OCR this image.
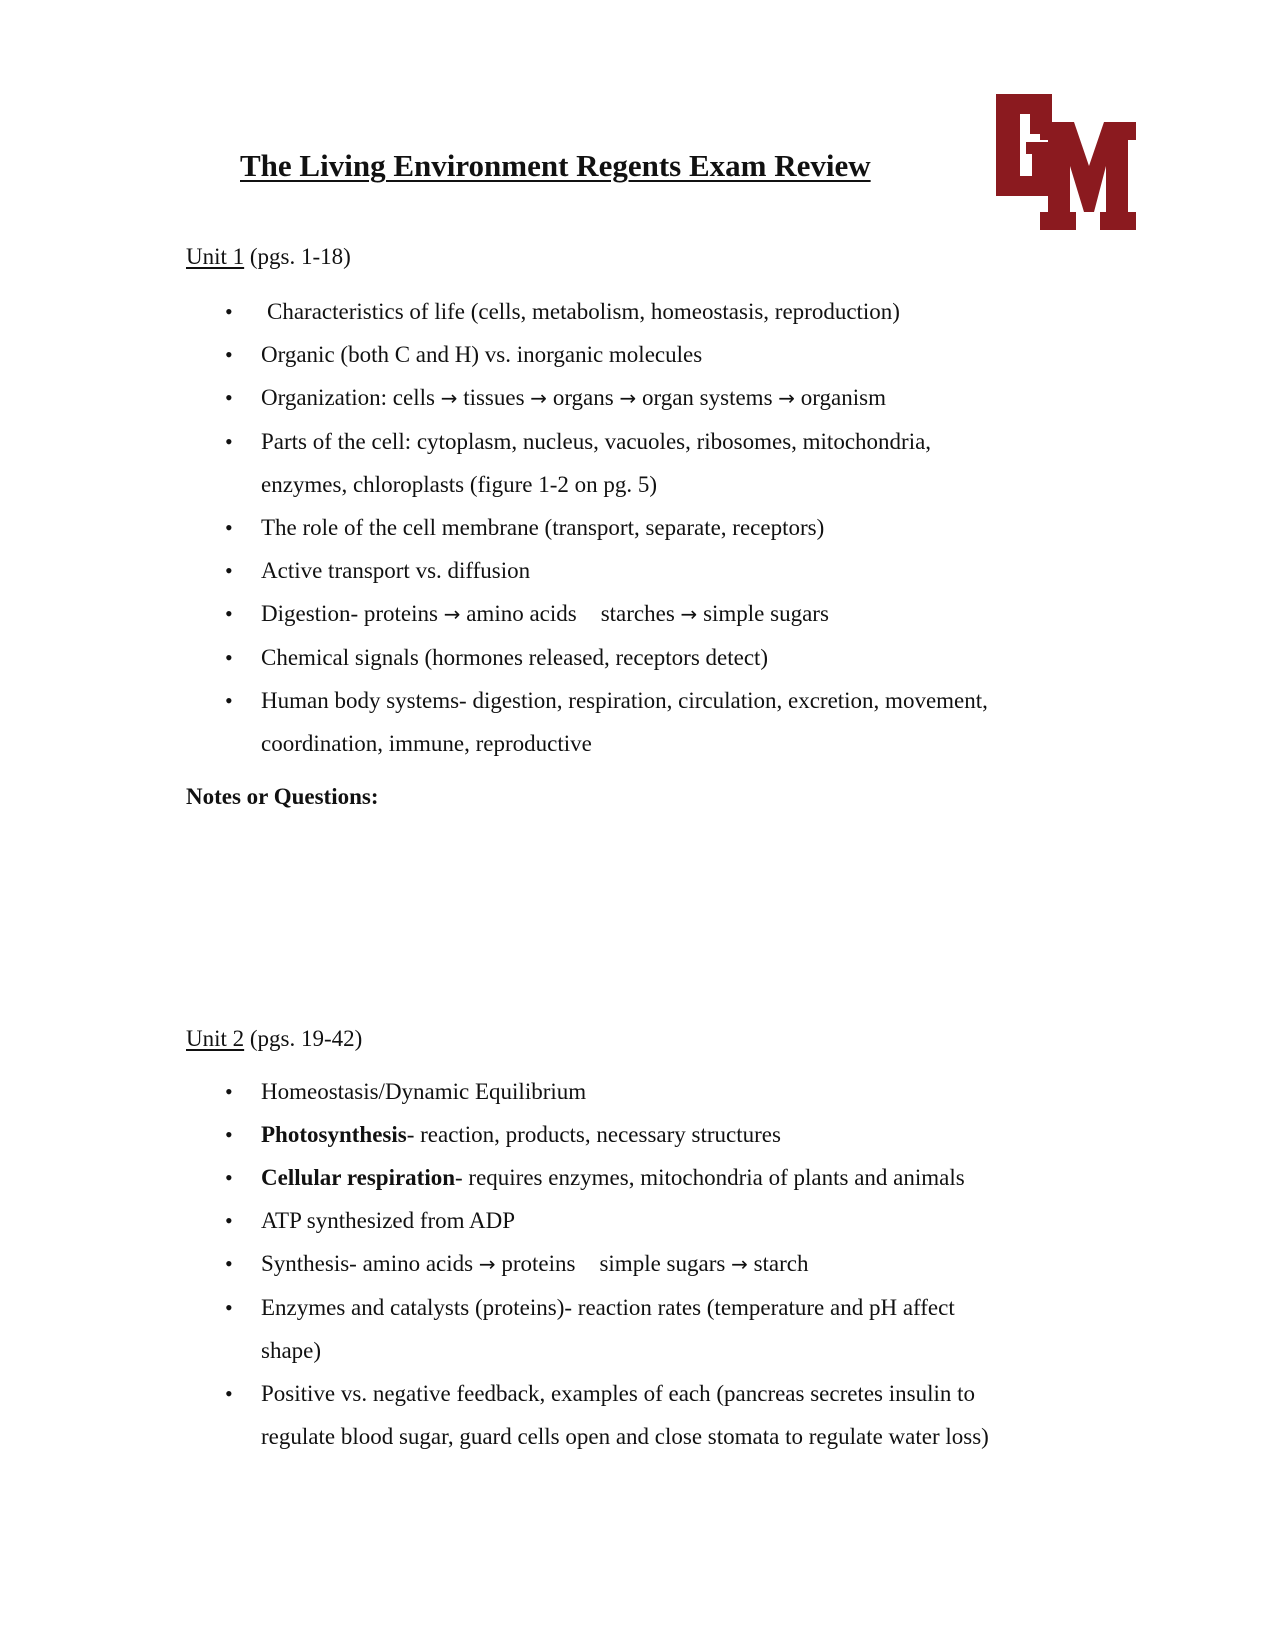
The Living Environment Regents Exam Review

Unit 1 (pgs. 1-18)

• Characteristics of life (cells, metabolism, homeostasis, reproduction)
• Organic (both C and H) vs. inorganic molecules
• Organization: cells → tissues → organs → organ systems → organism
• Parts of the cell: cytoplasm, nucleus, vacuoles, ribosomes, mitochondria,
enzymes, chloroplasts (figure 1-2 on pg. 5)
• The role of the cell membrane (transport, separate, receptors)
• Active transport vs. diffusion
• Digestion- proteins → amino acids starches → simple sugars
• Chemical signals (hormones released, receptors detect)
• Human body systems- digestion, respiration, circulation, excretion, movement,
coordination, immune, reproductive

Notes or Questions:

Unit 2 (pgs. 19-42)

• Homeostasis/Dynamic Equilibrium
• Photosynthesis- reaction, products, necessary structures
• Cellular respiration- requires enzymes, mitochondria of plants and animals
• ATP synthesized from ADP
• Synthesis- amino acids → proteins simple sugars → starch
• Enzymes and catalysts (proteins)- reaction rates (temperature and pH affect
shape)
• Positive vs. negative feedback, examples of each (pancreas secretes insulin to
regulate blood sugar, guard cells open and close stomata to regulate water loss)
